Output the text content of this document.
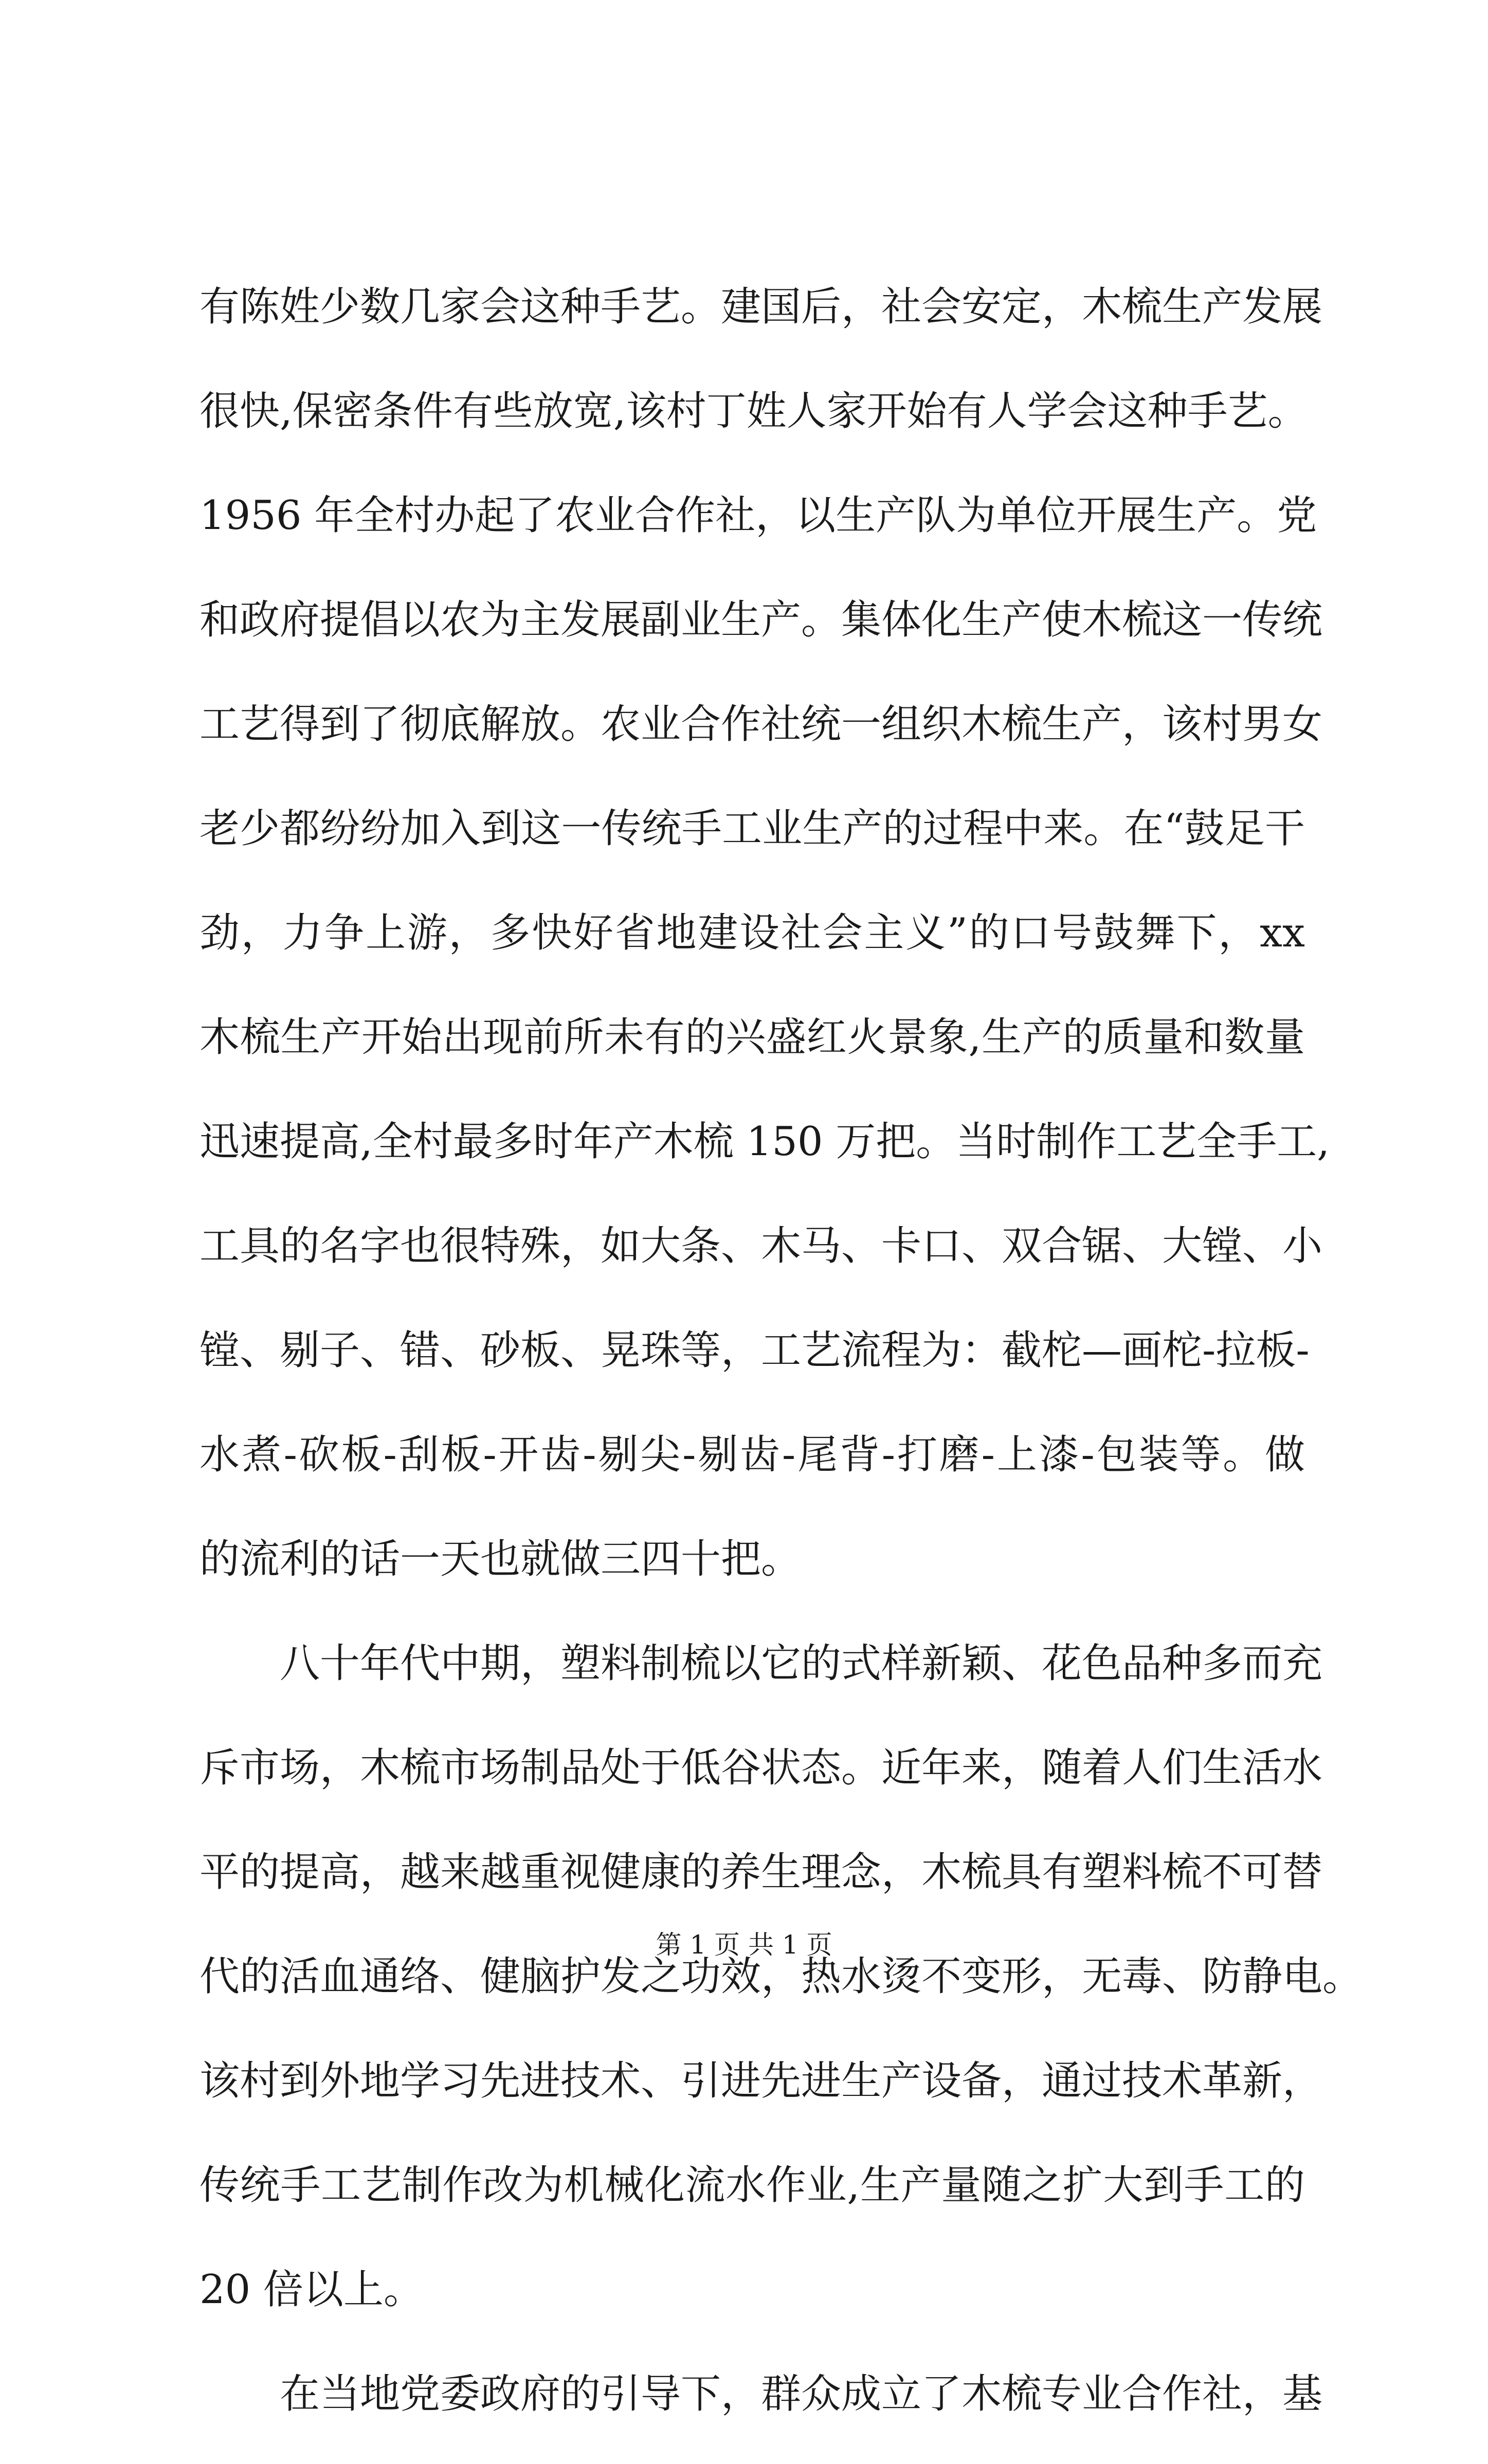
有陈姓少数几家会这种手艺。建国后，社会安定，木梳生产发展
很快,保密条件有些放宽,该村丁姓人家开始有人学会这种手艺。
1956 年全村办起了农业合作社，以生产队为单位开展生产。党
和政府提倡以农为主发展副业生产。集体化生产使木梳这一传统
工艺得到了彻底解放。农业合作社统一组织木梳生产，该村男女
老少都纷纷加入到这一传统手工业生产的过程中来。在“鼓足干
劲，力争上游，多快好省地建设社会主义”的口号鼓舞下，xx
木梳生产开始出现前所未有的兴盛红火景象,生产的质量和数量
迅速提高,全村最多时年产木梳 150 万把。当时制作工艺全手工,
工具的名字也很特殊，如大条、木马、卡口、双合锯、大镗、小
镗、剔子、错、砂板、晃珠等，工艺流程为：截柁—画柁-拉板-
水煮-砍板-刮板-开齿-剔尖-剔齿-尾背-打磨-上漆-包装等。做
的流利的话一天也就做三四十把。
八十年代中期，塑料制梳以它的式样新颖、花色品种多而充
斥市场，木梳市场制品处于低谷状态。近年来，随着人们生活水
平的提高，越来越重视健康的养生理念，木梳具有塑料梳不可替
代的活血通络、健脑护发之功效，热水烫不变形，无毒、防静电。
该村到外地学习先进技术、引进先进生产设备，通过技术革新，
传统手工艺制作改为机械化流水作业,生产量随之扩大到手工的
20 倍以上。
在当地党委政府的引导下，群众成立了木梳专业合作社，基
第 1 页 共 1 页
